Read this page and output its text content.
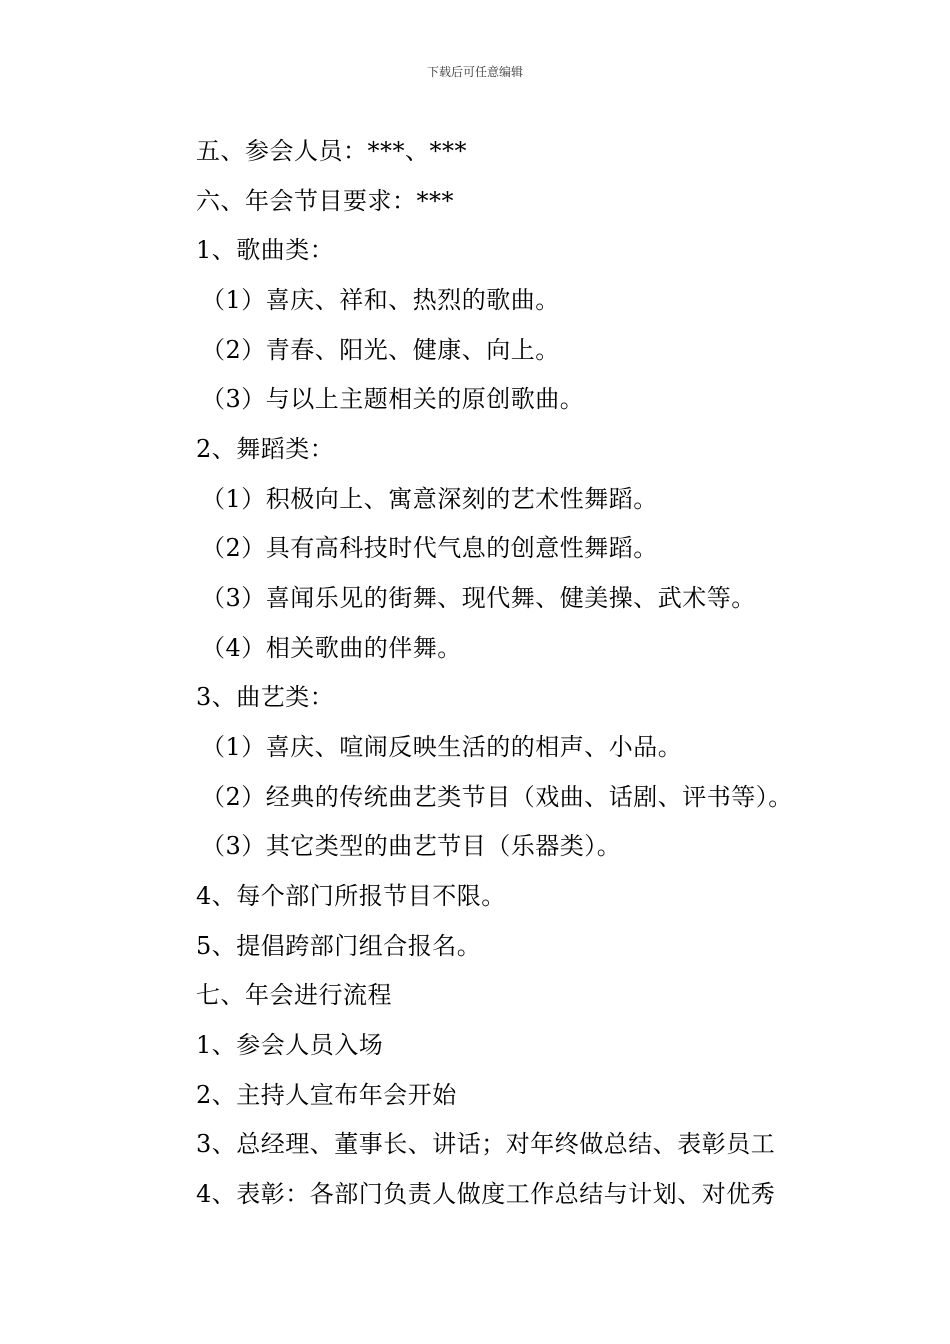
下载后可任意编辑
五、参会人员：***、***
六、年会节目要求：***
1、歌曲类：
（1）喜庆、祥和、热烈的歌曲。
（2）青春、阳光、健康、向上。
（3）与以上主题相关的原创歌曲。
2、舞蹈类：
（1）积极向上、寓意深刻的艺术性舞蹈。
（2）具有高科技时代气息的创意性舞蹈。
（3）喜闻乐见的街舞、现代舞、健美操、武术等。
（4）相关歌曲的伴舞。
3、曲艺类：
（1）喜庆、喧闹反映生活的的相声、小品。
（2）经典的传统曲艺类节目（戏曲、话剧、评书等）。
（3）其它类型的曲艺节目（乐器类）。
4、每个部门所报节目不限。
5、提倡跨部门组合报名。
七、年会进行流程
1、参会人员入场
2、主持人宣布年会开始
3、总经理、董事长、讲话；对年终做总结、表彰员工
4、表彰：各部门负责人做度工作总结与计划、对优秀
